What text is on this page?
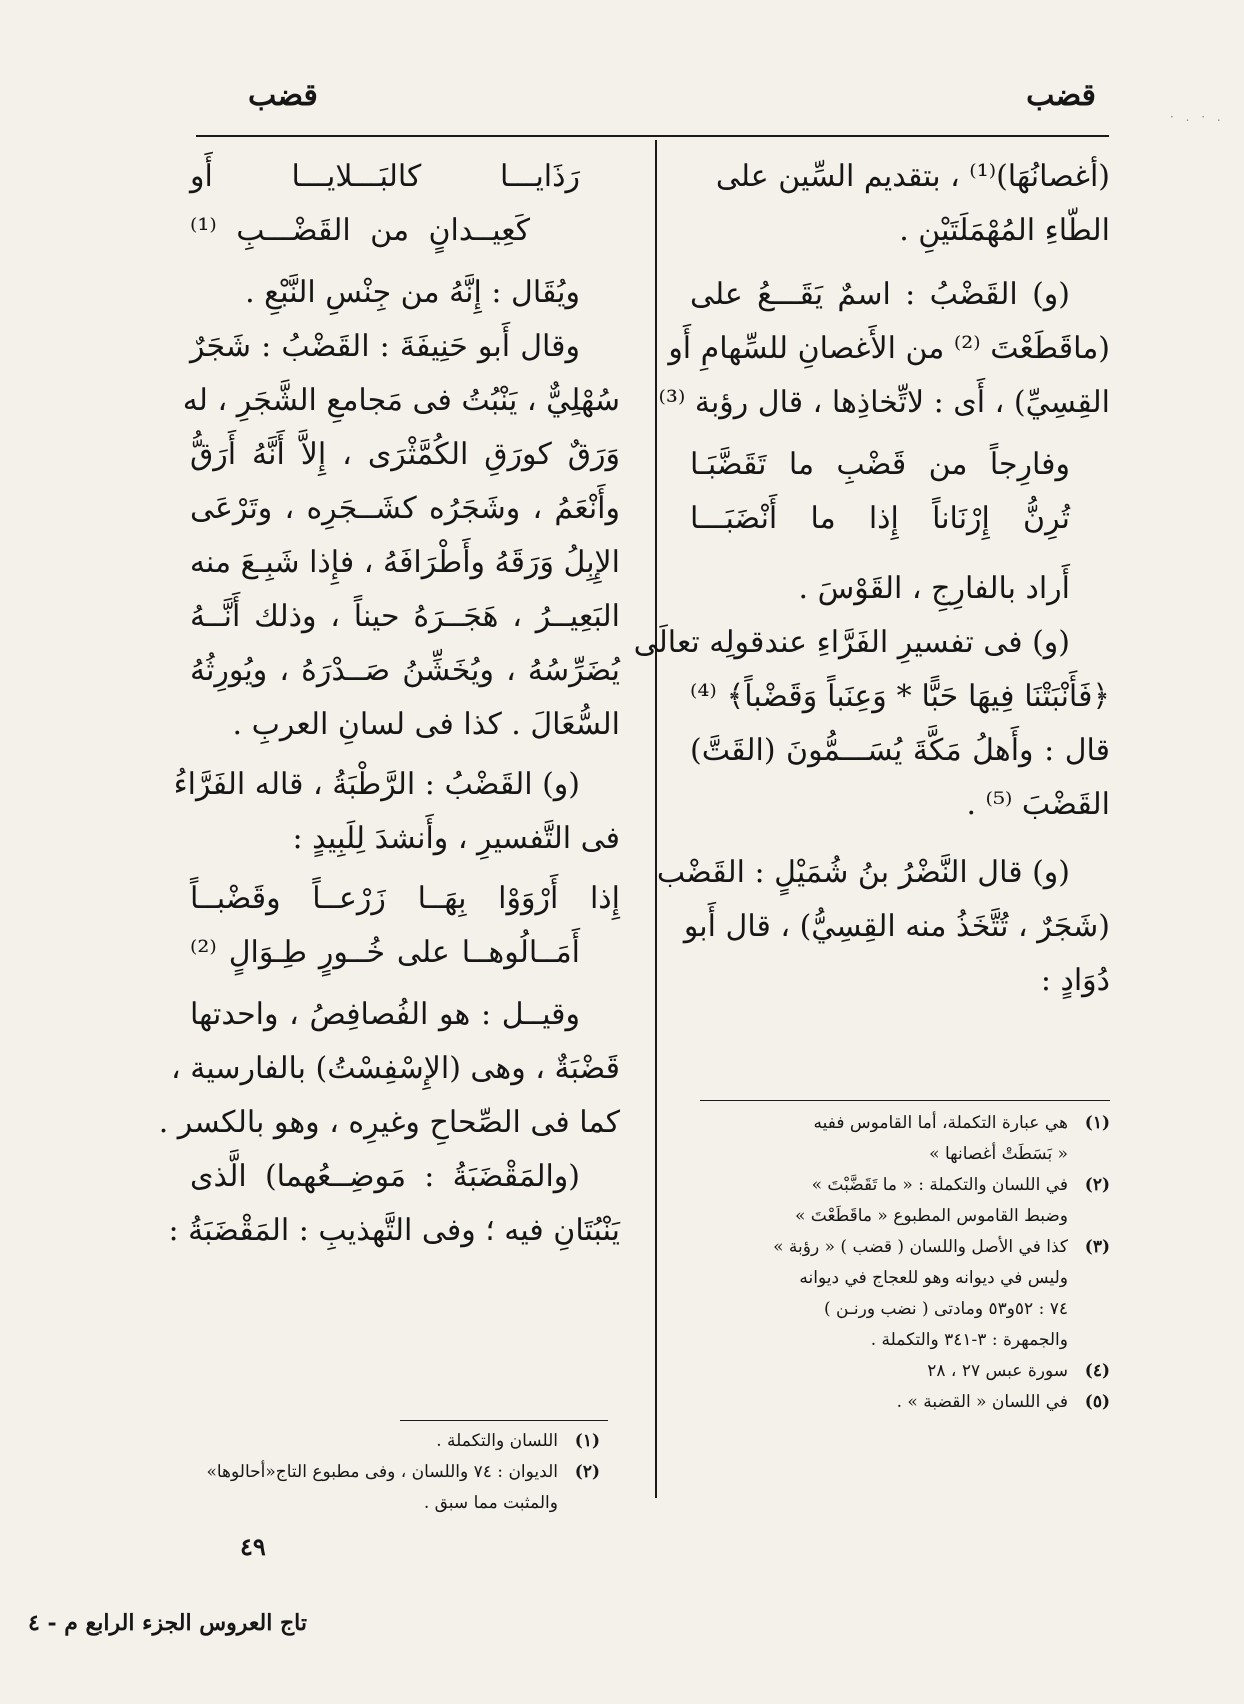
· . · .
قضب
قضب
(أغصانُهَا)⁽¹⁾ ، بتقديم السِّين على
الطّاءِ المُهْمَلَتَيْنِ .
(و) القَضْبُ : اسمٌ يَقَـــعُ على
(ماقَطَعْتَ ⁽²⁾ من الأَغصانِ للسِّهامِ أَو
القِسِيِّ) ، أَى : لاتِّخاذِها ، قال رؤبة ⁽³⁾
وفارِجاً من قَضْبِ ما تَقَضَّبَـا
تُرِنُّ إِرْنَاناً إِذا ما أَنْضَبَـــا
أَراد بالفارِجِ ، القَوْسَ .
(و) فى تفسيرِ الفَرَّاءِ عندقولِه تعالَى
﴿فَأَنْبَتْنَا فِيهَا حَبًّا * وَعِنَباً وَقَضْباً﴾ ⁽⁴⁾
قال : وأَهلُ مَكَّةَ يُسَـــمُّونَ (القَتَّ)
القَضْبَ ⁽⁵⁾ .
(و) قال النَّضْرُ بنُ شُمَيْلٍ : القَضْب
(شَجَرٌ ، تُتَّخَذُ منه القِسِيُّ) ، قال أَبو
دُوَادٍ :
(١)هي عبارة التكملة، أما القاموس ففيه
« بَسَطَتْ أغصانها »
(٢)في اللسان والتكملة : « ما تَقَضَّبْتَ »
وضبط القاموس المطبوع « ماقَطَعْتَ »
(٣)كذا في الأصل واللسان ( قضب ) « رؤبة »
وليس في ديوانه وهو للعجاج في ديوانه
٧٤ : ٥٢و٥٣ ومادتى ( نضب ورنـن )
والجمهرة : ٣-٣٤١ والتكملة .
(٤)سورة عبس ٢٧ ، ٢٨
(٥)في اللسان « القضبة » .
رَذَايـــا كالبَـــلايـــا أَو
كَعِيــدانٍ من القَضْـــبِ ⁽¹⁾
ويُقَال : إِنَّهُ من جِنْسِ النَّبْعِ .
وقال أَبو حَنِيفَةَ : القَضْبُ : شَجَرٌ
سُهْلِيٌّ ، يَنْبُتُ فى مَجامعِ الشَّجَرِ ، له
وَرَقٌ كورَقِ الكُمَّثْرَى ، إِلاَّ أَنَّهُ أَرَقُّ
وأَنْعَمُ ، وشَجَرُه كشَــجَرِه ، وتَرْعَى
الإِبِلُ وَرَقَهُ وأَطْرَافَهُ ، فإِذا شَبِـعَ منه
البَعِيــرُ ، هَجَــرَهُ حيناً ، وذلك أَنَّــهُ
يُضَرِّسُهُ ، ويُخَشِّنُ صَــدْرَهُ ، ويُورِثُهُ
السُّعَالَ . كذا فى لسانِ العربِ .
(و) القَضْبُ : الرَّطْبَةُ ، قاله الفَرَّاءُ
فى التَّفسيرِ ، وأَنشدَ لِلَبِيدٍ :
إِذا أَرْوَوْا بِهَــا زَرْعــاً وقَضْبــاً
أَمَــالُوهــا على خُــورٍ طِـوَالٍ ⁽²⁾
وقيــل : هو الفُصافِصُ ، واحدتها
قَضْبَةٌ ، وهى (الإِسْفِسْتُ) بالفارسية ،
كما فى الصِّحاحِ وغيرِه ، وهو بالكسر .
(والمَقْضَبَةُ : مَوضِــعُهما) الَّذى
يَنْبُتَانِ فيه ؛ وفى التَّهذيبِ : المَقْضَبَةُ :
(١)اللسان والتكملة .
(٢)الديوان : ٧٤ واللسان ، وفى مطبوع التاج«أحالوها»
والمثبت مما سبق .
٤٩
تاج العروس الجزء الرابع م - ٤
